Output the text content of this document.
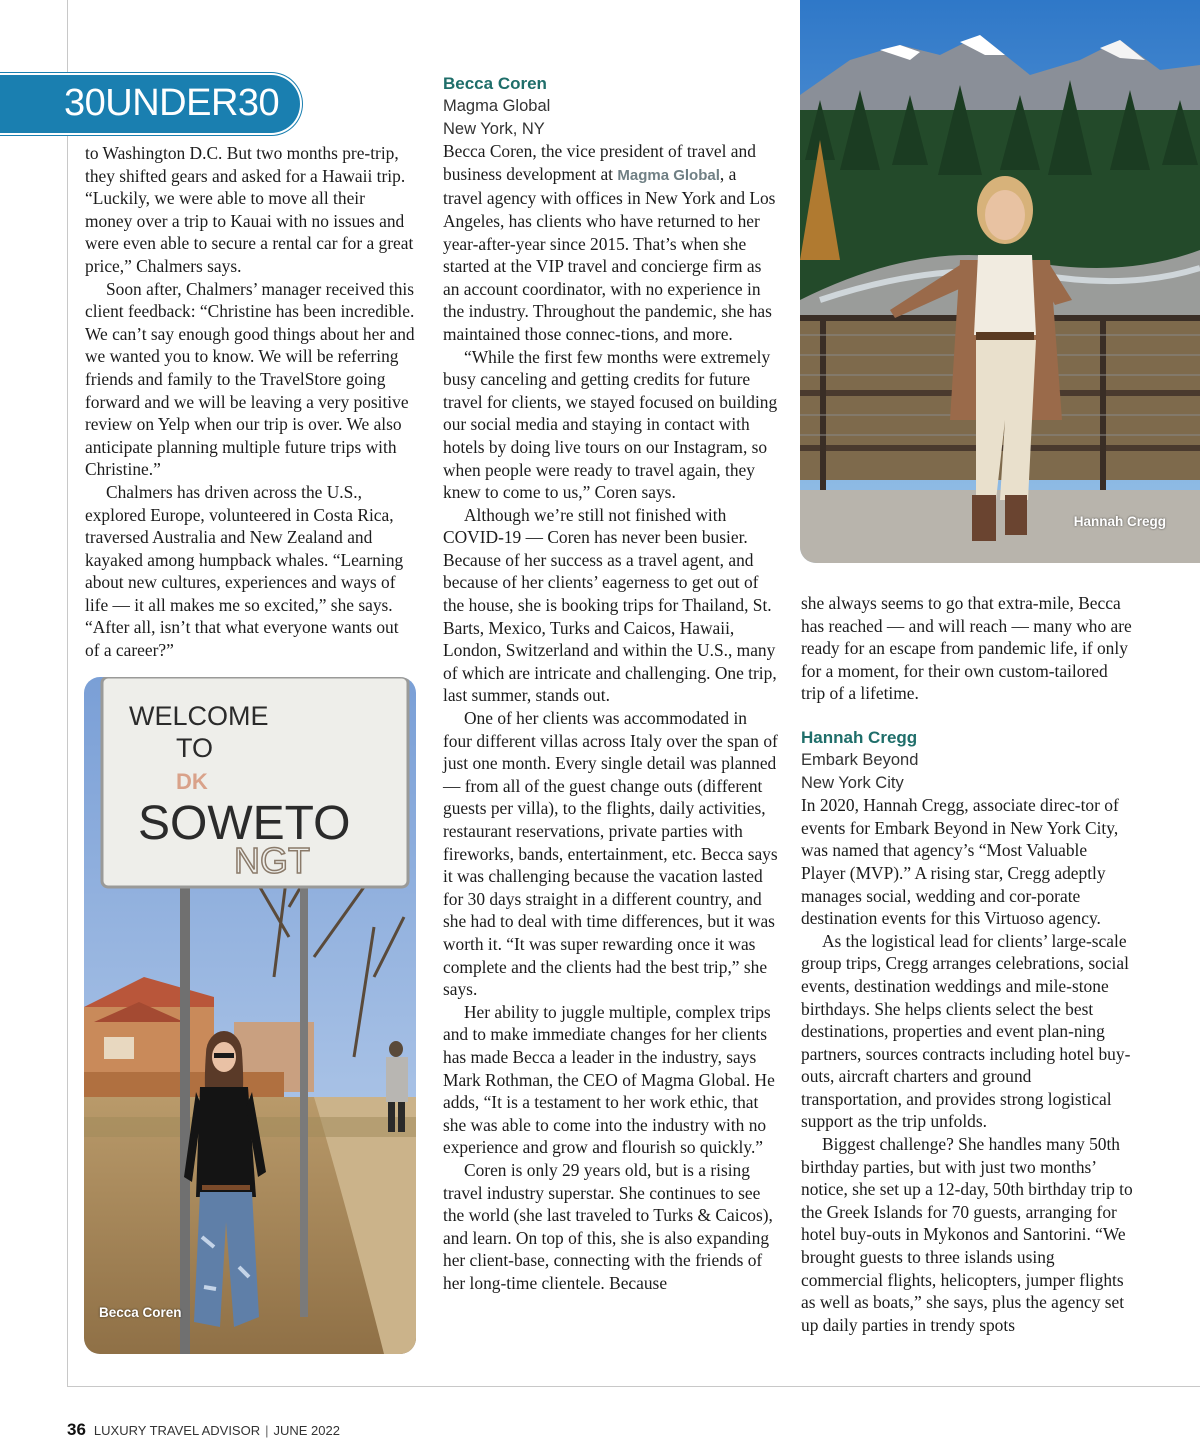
30UNDER30

to Washington D.C. But two months pre-trip, they shifted gears and asked for a Hawaii trip. “Luckily, we were able to move all their money over a trip to Kauai with no issues and were even able to secure a rental car for a great price,” Chalmers says.

Soon after, Chalmers’ manager received this client feedback: “Christine has been incredible. We can’t say enough good things about her and we wanted you to know. We will be referring friends and family to the TravelStore going forward and we will be leaving a very positive review on Yelp when our trip is over. We also anticipate planning multiple future trips with Christine.”

Chalmers has driven across the U.S., explored Europe, volunteered in Costa Rica, traversed Australia and New Zealand and kayaked among humpback whales. “Learning about new cultures, experiences and ways of life — it all makes me so excited,” she says. “After all, isn’t that what everyone wants out of a career?”

WELCOME
TO
DK
SOWETO
NGT
Becca Coren
Becca Coren
Magma Global
New York, NY

Becca Coren, the vice president of travel and business development at Magma Global, a travel agency with offices in New York and Los Angeles, has clients who have returned to her year-after-year since 2015. That’s when she started at the VIP travel and concierge firm as an account coordinator, with no experience in the industry. Throughout the pandemic, she has maintained those connec-tions, and more.

“While the first few months were extremely busy canceling and getting credits for future travel for clients, we stayed focused on building our social media and staying in contact with hotels by doing live tours on our Instagram, so when people were ready to travel again, they knew to come to us,” Coren says.

Although we’re still not finished with COVID-19 — Coren has never been busier. Because of her success as a travel agent, and because of her clients’ eagerness to get out of the house, she is booking trips for Thailand, St. Barts, Mexico, Turks and Caicos, Hawaii, London, Switzerland and within the U.S., many of which are intricate and challenging. One trip, last summer, stands out.

One of her clients was accommodated in four different villas across Italy over the span of just one month. Every single detail was planned — from all of the guest change outs (different guests per villa), to the flights, daily activities, restaurant reservations, private parties with fireworks, bands, entertainment, etc. Becca says it was challenging because the vacation lasted for 30 days straight in a different country, and she had to deal with time differences, but it was worth it. “It was super rewarding once it was complete and the clients had the best trip,” she says.

Her ability to juggle multiple, complex trips and to make immediate changes for her clients has made Becca a leader in the industry, says Mark Rothman, the CEO of Magma Global. He adds, “It is a testament to her work ethic, that she was able to come into the industry with no experience and grow and flourish so quickly.”

Coren is only 29 years old, but is a rising travel industry superstar. She continues to see the world (she last traveled to Turks & Caicos), and learn. On top of this, she is also expanding her client-base, connecting with the friends of her long-time clientele. Because

Hannah Cregg

she always seems to go that extra-mile, Becca has reached — and will reach — many who are ready for an escape from pandemic life, if only for a moment, for their own custom-tailored trip of a lifetime.

Hannah Cregg
Embark Beyond
New York City

In 2020, Hannah Cregg, associate direc-tor of events for Embark Beyond in New York City, was named that agency’s “Most Valuable Player (MVP).” A rising star, Cregg adeptly manages social, wedding and cor-porate destination events for this Virtuoso agency.

As the logistical lead for clients’ large-scale group trips, Cregg arranges celebrations, social events, destination weddings and mile-stone birthdays. She helps clients select the best destinations, properties and event plan-ning partners, sources contracts including hotel buy-outs, aircraft charters and ground transportation, and provides strong logistical support as the trip unfolds.

Biggest challenge? She handles many 50th birthday parties, but with just two months’ notice, she set up a 12-day, 50th birthday trip to the Greek Islands for 70 guests, arranging for hotel buy-outs in Mykonos and Santorini. “We brought guests to three islands using commercial flights, helicopters, jumper flights as well as boats,” she says, plus the agency set up daily parties in trendy spots

36 LUXURY TRAVEL ADVISOR | JUNE 2022
